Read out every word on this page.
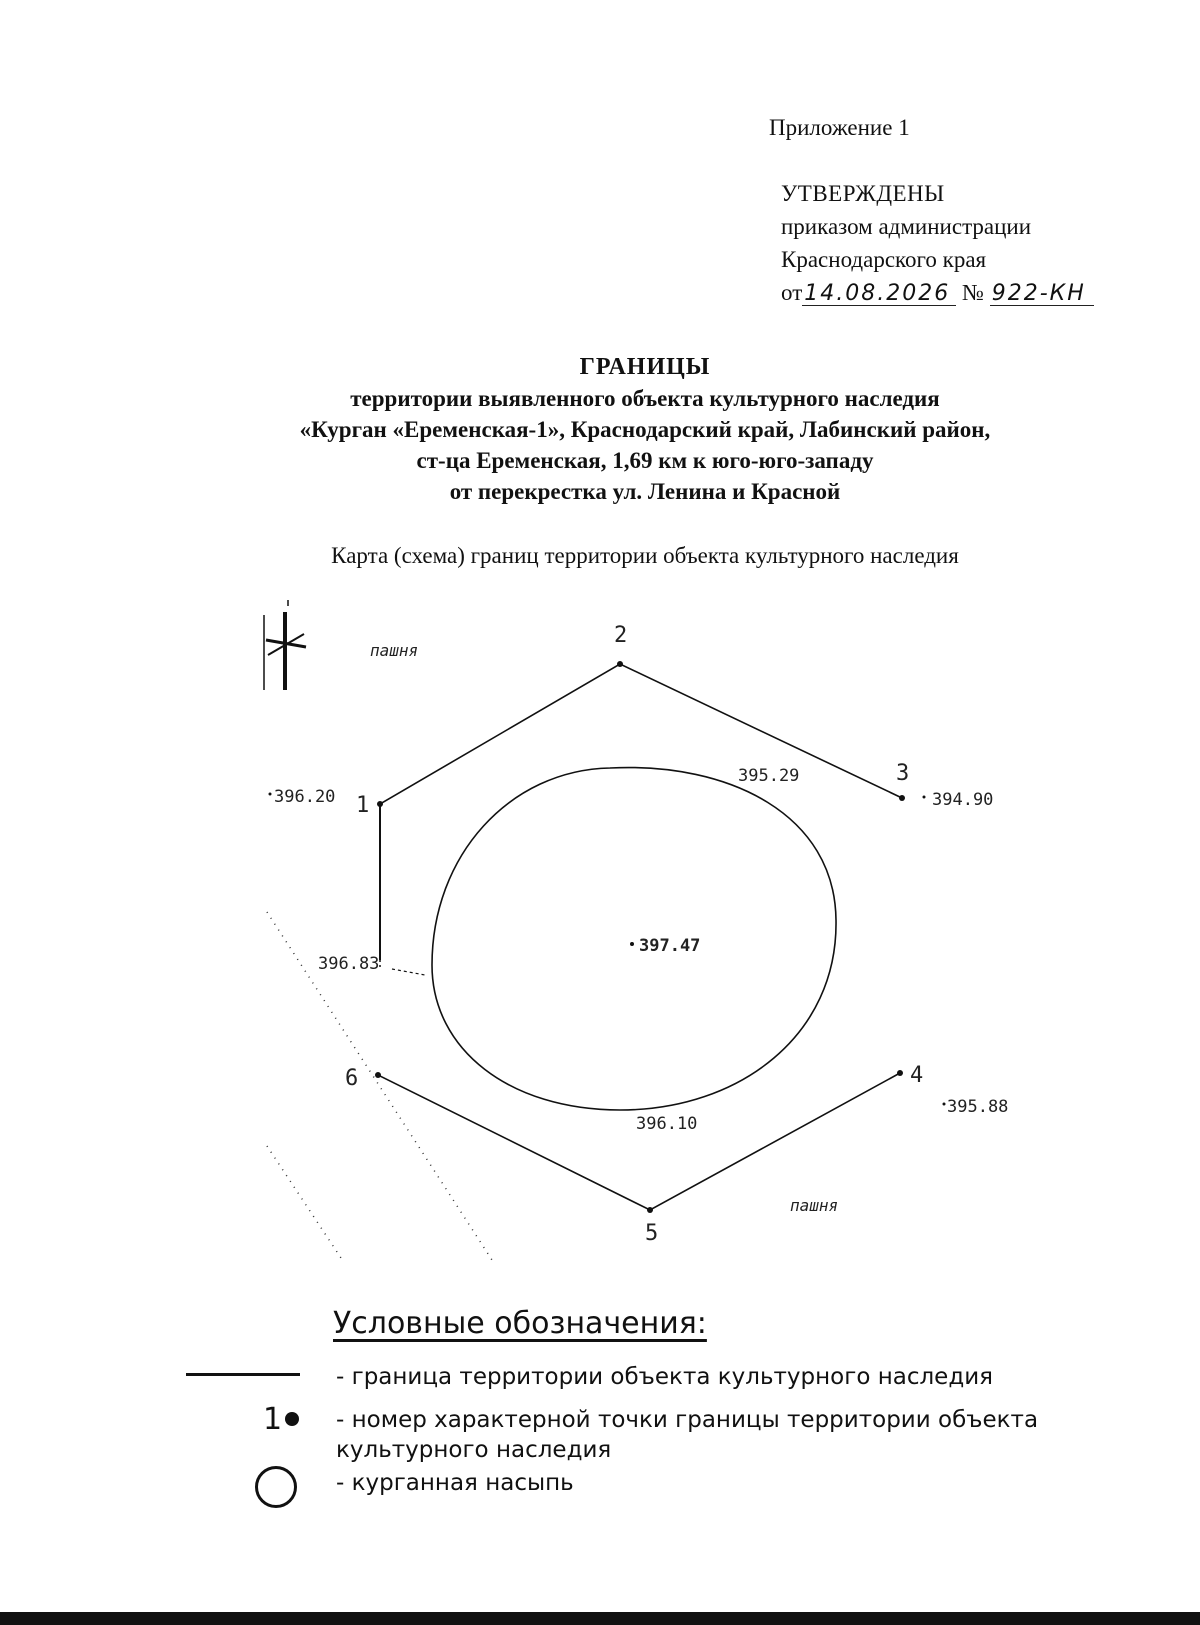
Приложение 1
УТВЕРЖДЕНЫ
приказом администрации
Краснодарского края
от14.08.2026 № 922-КН
ГРАНИЦЫ
территории выявленного объекта культурного наследия
«Курган «Еременская-1», Краснодарский край, Лабинский район,
ст-ца Еременская, 1,69 км к юго-юго-западу
от перекрестка ул. Ленина и Красной
Карта (схема) границ территории объекта культурного наследия
пашня
пашня
1
2
3
4
5
6
396.20	394.90
395.88
396.83
395.29
397.47
396.10
Условные обозначения:
- граница территории объекта культурного наследия
1 - номер характерной точки границы территории объекта культурного наследия
- курганная насыпь
